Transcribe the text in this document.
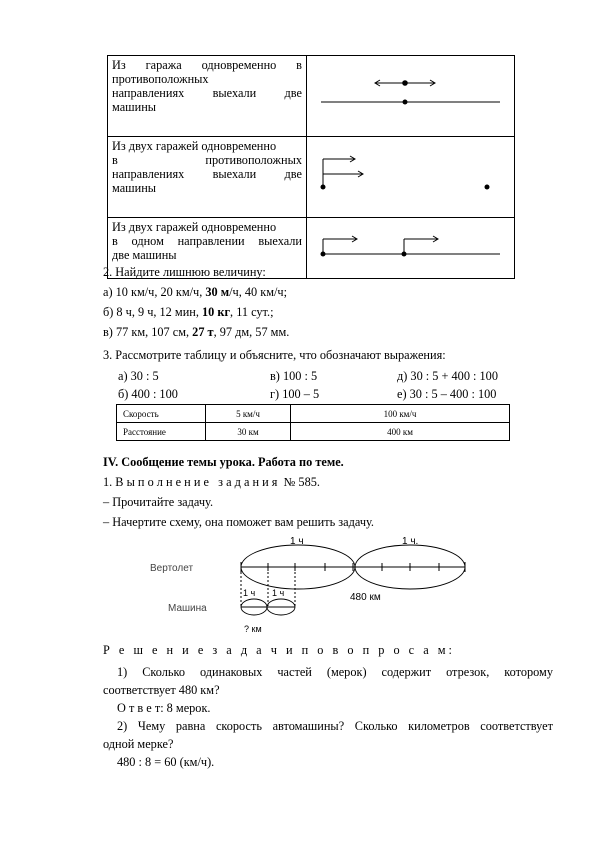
Из гаража одновременно в
противоположных
направлениях выехали две
машины

Из двух гаражей одновременно
в противоположных
направлениях выехали две
машины

Из двух гаражей одновременно
в одном направлении выехали
две машины

2. Найдите лишнюю величину:
а) 10 км/ч, 20 км/ч, 30 м/ч, 40 км/ч;
б) 8 ч, 9 ч, 12 мин, 10 кг, 11 сут.;
в) 77 км, 107 см, 27 т, 97 дм, 57 мм.
3. Рассмотрите таблицу и объясните, что обозначают выражения:
а) 30 : 5	в) 100 : 5	д) 30 : 5 + 400 : 100
б) 400 : 100	г) 100 – 5	е) 30 : 5 – 400 : 100
Скорость	5 км/ч	100 км/ч
Расстояние	30 км	400 км
IV. Сообщение темы урока. Работа по теме.
1. В ы п о л н е н и е   з а д а н и я  № 585.
– Прочитайте задачу.
– Начертите схему, она поможет вам решить задачу.
Вертолет
Машина
1 ч	1 ч.
480 км
1 ч 1 ч
? км
Р е ш е н и е з а д а ч и п о в о п р о с а м:
1) Сколько одинаковых частей (мерок) содержит отрезок, которому
соответствует 480 км?
О т в е т: 8 мерок.
2) Чему равна скорость автомашины? Сколько километров соответствует
одной мерке?
480 : 8 = 60 (км/ч).
